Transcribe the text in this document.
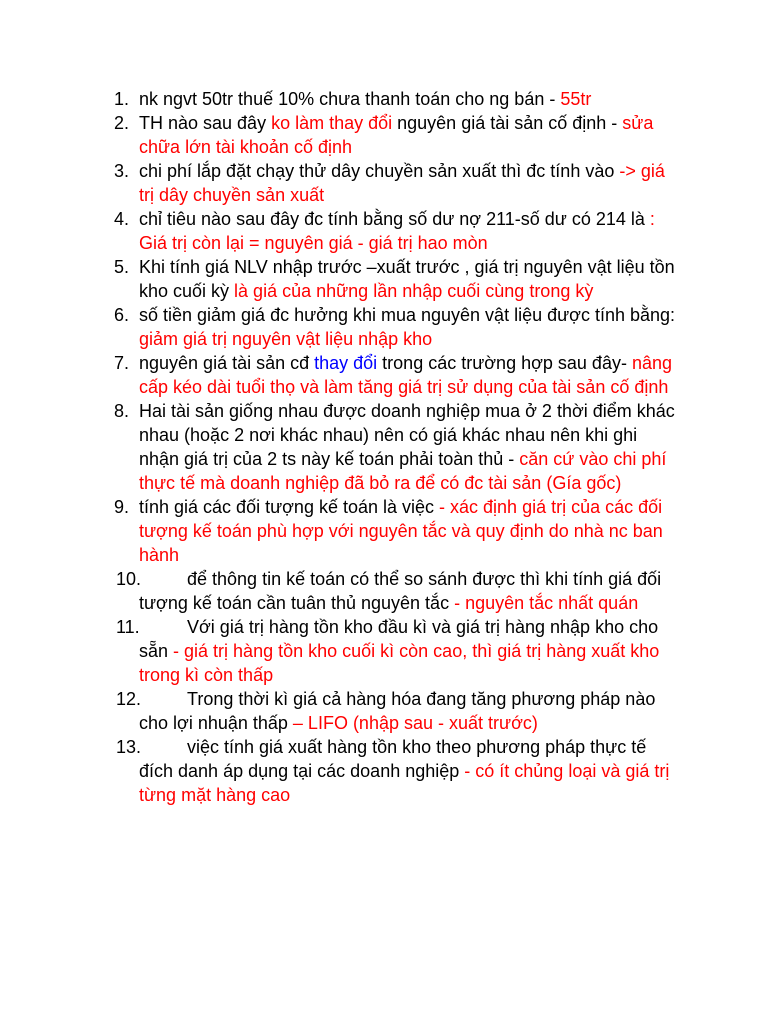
1. nk ngvt 50tr thuế 10% chưa thanh toán cho ng bán - 55tr
2. TH nào sau đây ko làm thay đổi nguyên giá tài sản cố định - sửa chữa lớn tài khoản cố định
3. chi phí lắp đặt chạy thử dây chuyền sản xuất thì đc tính vào -> giá trị dây chuyền sản xuất
4. chỉ tiêu nào sau đây đc tính bằng số dư nợ 211-số dư có 214 là : Giá trị còn lại = nguyên giá - giá trị hao mòn
5. Khi tính giá NLV nhập trước –xuất trước , giá trị nguyên vật liệu tồn kho cuối kỳ là giá của những lần nhập cuối cùng trong kỳ
6. số tiền giảm giá đc hưởng khi mua nguyên vật liệu được tính bằng: giảm giá trị nguyên vật liệu nhập kho
7. nguyên giá tài sản cđ thay đổi trong các trường hợp sau đây- nâng cấp kéo dài tuổi thọ và làm tăng giá trị sử dụng của tài sản cố định
8. Hai tài sản giống nhau được doanh nghiệp mua ở 2 thời điểm khác nhau (hoặc 2 nơi khác nhau) nên có giá khác nhau nên khi ghi nhận giá trị của 2 ts này kế toán phải toàn thủ - căn cứ vào chi phí thực tế mà doanh nghiệp đã bỏ ra để có đc tài sản (Gía gốc)
9. tính giá các đối tượng kế toán là việc - xác định giá trị của các đối tượng kế toán phù hợp với nguyên tắc và quy định do nhà nc ban hành
10.	để thông tin kế toán có thể so sánh được thì khi tính giá đối tượng kế toán cần tuân thủ nguyên tắc - nguyên tắc nhất quán
11.	Với giá trị hàng tồn kho đầu kì và giá trị hàng nhập kho cho sẵn - giá trị hàng tồn kho cuối kì còn cao, thì giá trị hàng xuất kho trong kì còn thấp
12.	Trong thời kì giá cả hàng hóa đang tăng phương pháp nào cho lợi nhuận thấp – LIFO (nhập sau - xuất trước)
13.	việc tính giá xuất hàng tồn kho theo phương pháp thực tế đích danh áp dụng tại các doanh nghiệp - có ít chủng loại và giá trị từng mặt hàng cao
